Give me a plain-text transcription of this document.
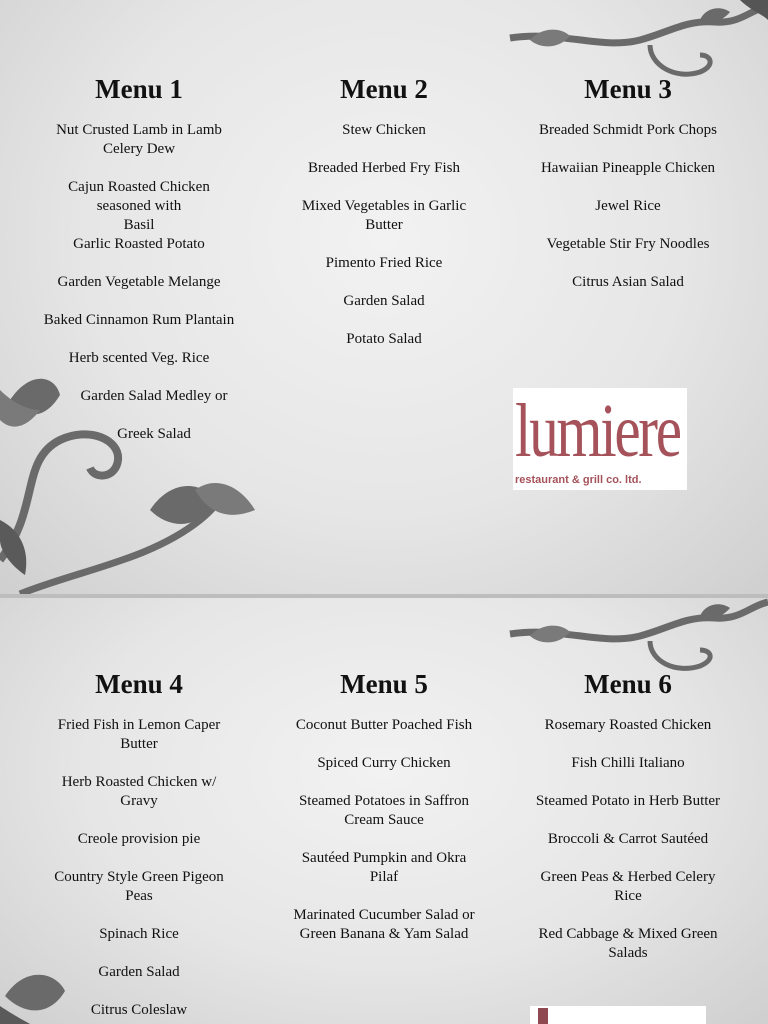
Menu 1
Nut Crusted Lamb in Lamb
Celery Dew
Cajun Roasted Chicken
seasoned with
Basil
Garlic Roasted Potato
Garden Vegetable Melange
Baked Cinnamon Rum Plantain
Herb scented Veg. Rice
Garden Salad Medley or
Greek Salad
Menu 2
Stew Chicken
Breaded Herbed Fry Fish
Mixed Vegetables in Garlic
Butter
Pimento Fried Rice
Garden Salad
Potato Salad
Menu 3
Breaded Schmidt Pork Chops
Hawaiian Pineapple Chicken
Jewel Rice
Vegetable Stir Fry Noodles
Citrus Asian Salad
lumiere
restaurant & grill co. ltd.
Menu 4
Fried Fish in Lemon Caper
Butter
Herb Roasted Chicken w/
Gravy
Creole provision pie
Country Style Green Pigeon
Peas
Spinach Rice
Garden Salad
Citrus Coleslaw
Menu 5
Coconut Butter Poached Fish
Spiced Curry Chicken
Steamed Potatoes in Saffron
Cream Sauce
Sautéed Pumpkin and Okra
Pilaf
Marinated Cucumber Salad or
Green Banana & Yam Salad
Menu 6
Rosemary Roasted Chicken
Fish Chilli Italiano
Steamed Potato in Herb Butter
Broccoli & Carrot Sautéed
Green Peas & Herbed Celery
Rice
Red Cabbage & Mixed Green
Salads
